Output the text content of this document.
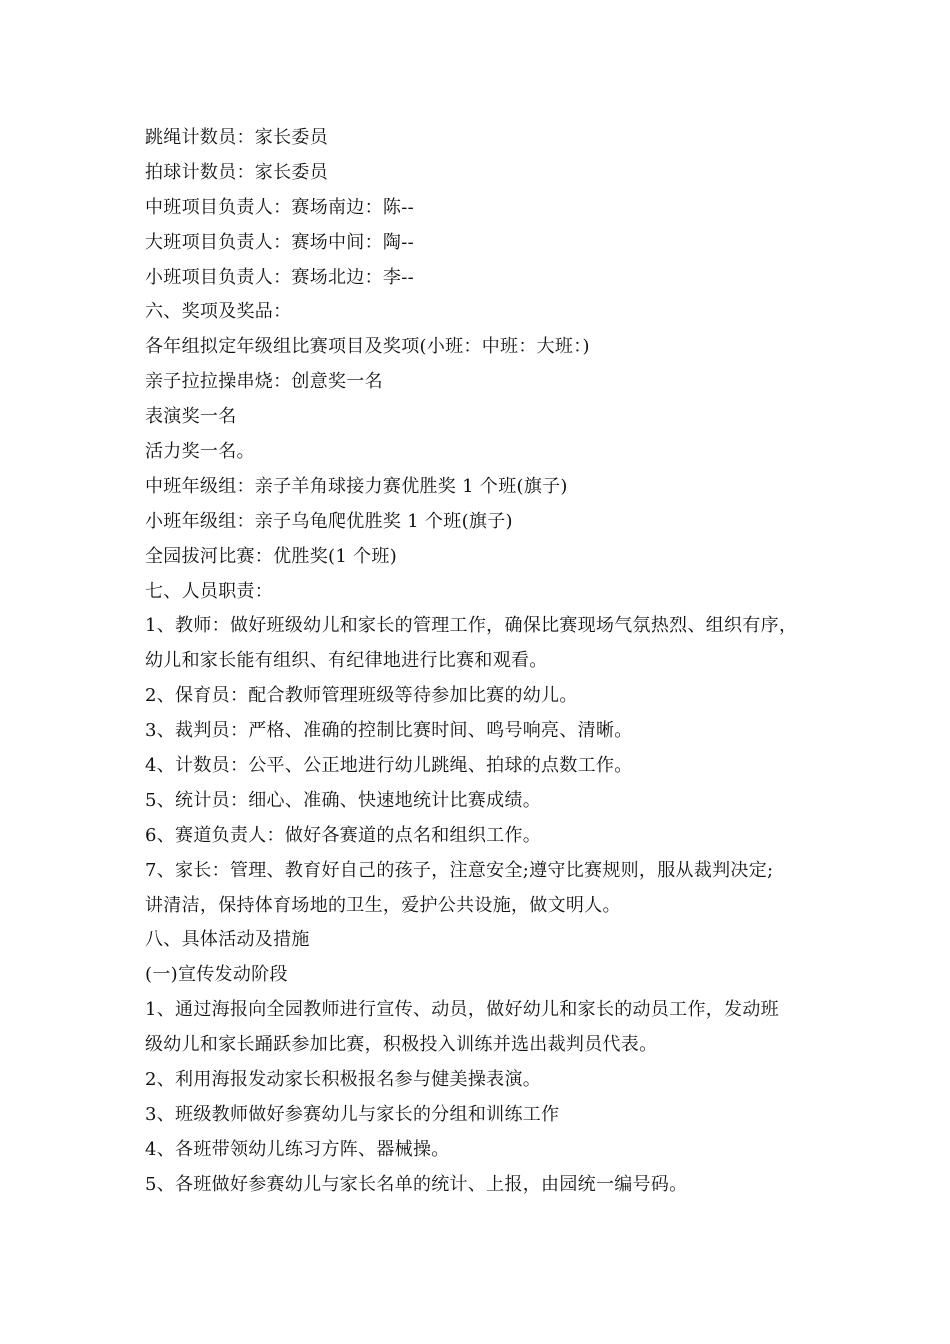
跳绳计数员：家长委员
拍球计数员：家长委员
中班项目负责人：赛场南边：陈--
大班项目负责人：赛场中间：陶--
小班项目负责人：赛场北边：李--
六、奖项及奖品：
各年组拟定年级组比赛项目及奖项(小班：中班：大班：)
亲子拉拉操串烧：创意奖一名
表演奖一名
活力奖一名。
中班年级组：亲子羊角球接力赛优胜奖 1 个班(旗子)
小班年级组：亲子乌龟爬优胜奖 1 个班(旗子)
全园拔河比赛：优胜奖(1 个班)
七、人员职责：
1、教师：做好班级幼儿和家长的管理工作，确保比赛现场气氛热烈、组织有序，
幼儿和家长能有组织、有纪律地进行比赛和观看。
2、保育员：配合教师管理班级等待参加比赛的幼儿。
3、裁判员：严格、准确的控制比赛时间、鸣号响亮、清晰。
4、计数员：公平、公正地进行幼儿跳绳、拍球的点数工作。
5、统计员：细心、准确、快速地统计比赛成绩。
6、赛道负责人：做好各赛道的点名和组织工作。
7、家长：管理、教育好自己的孩子，注意安全;遵守比赛规则，服从裁判决定;
讲清洁，保持体育场地的卫生，爱护公共设施，做文明人。
八、具体活动及措施
(一)宣传发动阶段
1、通过海报向全园教师进行宣传、动员，做好幼儿和家长的动员工作，发动班
级幼儿和家长踊跃参加比赛，积极投入训练并选出裁判员代表。
2、利用海报发动家长积极报名参与健美操表演。
3、班级教师做好参赛幼儿与家长的分组和训练工作
4、各班带领幼儿练习方阵、器械操。
5、各班做好参赛幼儿与家长名单的统计、上报，由园统一编号码。
